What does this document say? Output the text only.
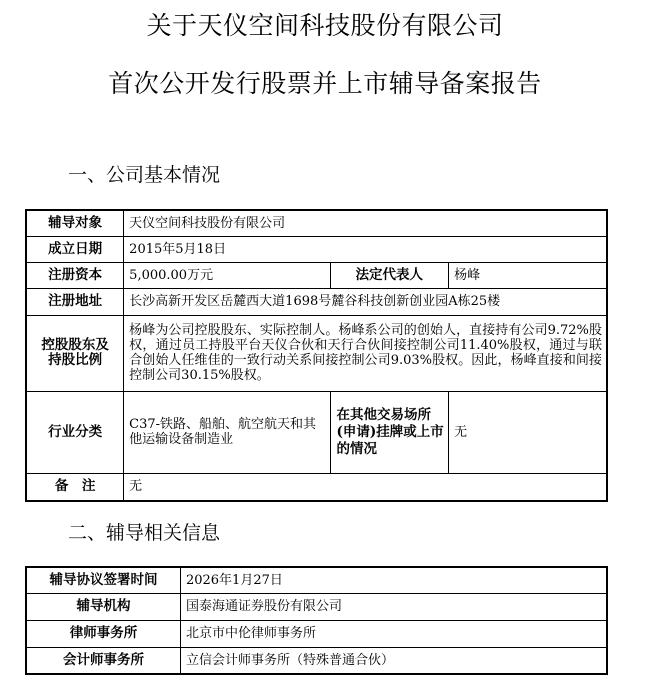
关于天仪空间科技股份有限公司
首次公开发行股票并上市辅导备案报告
一、公司基本情况
辅导对象	天仪空间科技股份有限公司		
成立日期	2015年5月18日		
注册资本	5,000.00万元	法定代表人	杨峰
注册地址	长沙高新开发区岳麓西大道1698号麓谷科技创新创业园A栋25楼		

控股股东及
持股比例	杨峰为公司控股股东、实际控制人。杨峰系公司的创始人，直接持有公司9.72%股权，通过员工持股平台天仪合伙和天行合伙间接控制公司11.40%股权，通过与联合创始人任维佳的一致行动关系间接控制公司9.03%股权。因此，杨峰直接和间接控制公司30.15%股权。		
行业分类	C37-铁路、船舶、航空航天和其他运输设备制造业	在其他交易场所(申请)挂牌或上市的情况	无
备　注	无		
二、辅导相关信息
辅导协议签署时间	2026年1月27日
辅导机构	国泰海通证券股份有限公司
律师事务所	北京市中伦律师事务所
会计师事务所	立信会计师事务所（特殊普通合伙）
